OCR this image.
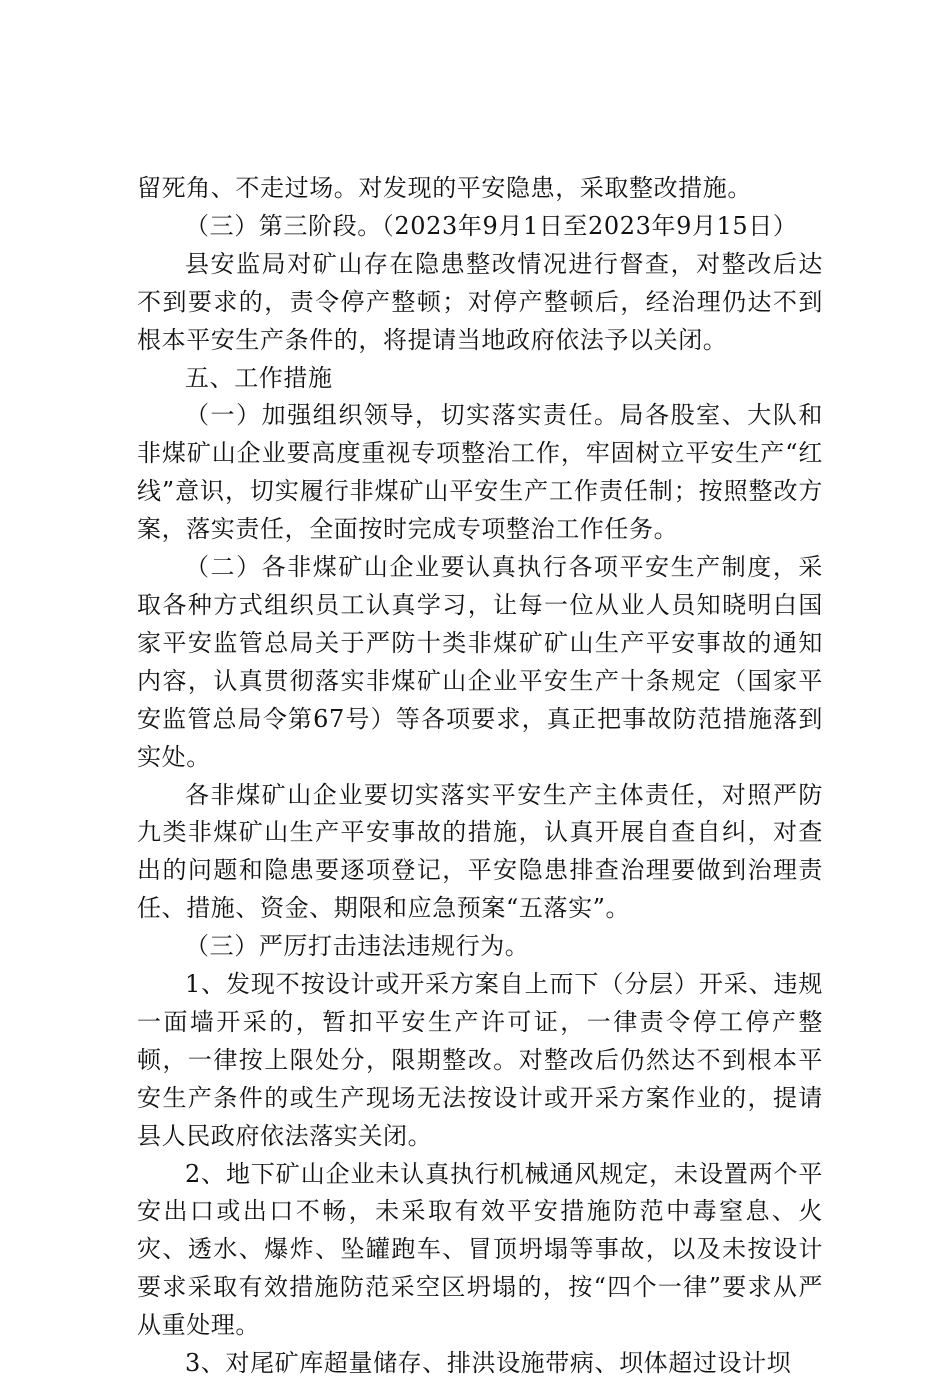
留死角、不走过场。对发现的平安隐患，采取整改措施。

（三）第三阶段。（2023年9月1日至2023年9月15日）

县安监局对矿山存在隐患整改情况进行督查，对整改后达不到要求的，责令停产整顿；对停产整顿后，经治理仍达不到根本平安生产条件的，将提请当地政府依法予以关闭。

五、工作措施

（一）加强组织领导，切实落实责任。局各股室、大队和非煤矿山企业要高度重视专项整治工作，牢固树立平安生产“红线”意识，切实履行非煤矿山平安生产工作责任制；按照整改方案，落实责任，全面按时完成专项整治工作任务。

（二）各非煤矿山企业要认真执行各项平安生产制度，采取各种方式组织员工认真学习，让每一位从业人员知晓明白国家平安监管总局关于严防十类非煤矿矿山生产平安事故的通知内容，认真贯彻落实非煤矿山企业平安生产十条规定（国家平安监管总局令第67号）等各项要求，真正把事故防范措施落到实处。

各非煤矿山企业要切实落实平安生产主体责任，对照严防九类非煤矿山生产平安事故的措施，认真开展自查自纠，对查出的问题和隐患要逐项登记，平安隐患排查治理要做到治理责任、措施、资金、期限和应急预案“五落实”。

（三）严厉打击违法违规行为。

1、发现不按设计或开采方案自上而下（分层）开采、违规一面墙开采的，暂扣平安生产许可证，一律责令停工停产整顿，一律按上限处分，限期整改。对整改后仍然达不到根本平安生产条件的或生产现场无法按设计或开采方案作业的，提请县人民政府依法落实关闭。

2、地下矿山企业未认真执行机械通风规定，未设置两个平安出口或出口不畅，未采取有效平安措施防范中毒窒息、火灾、透水、爆炸、坠罐跑车、冒顶坍塌等事故，以及未按设计要求采取有效措施防范采空区坍塌的，按“四个一律”要求从严从重处理。

3、对尾矿库超量储存、排洪设施带病、坝体超过设计坝
